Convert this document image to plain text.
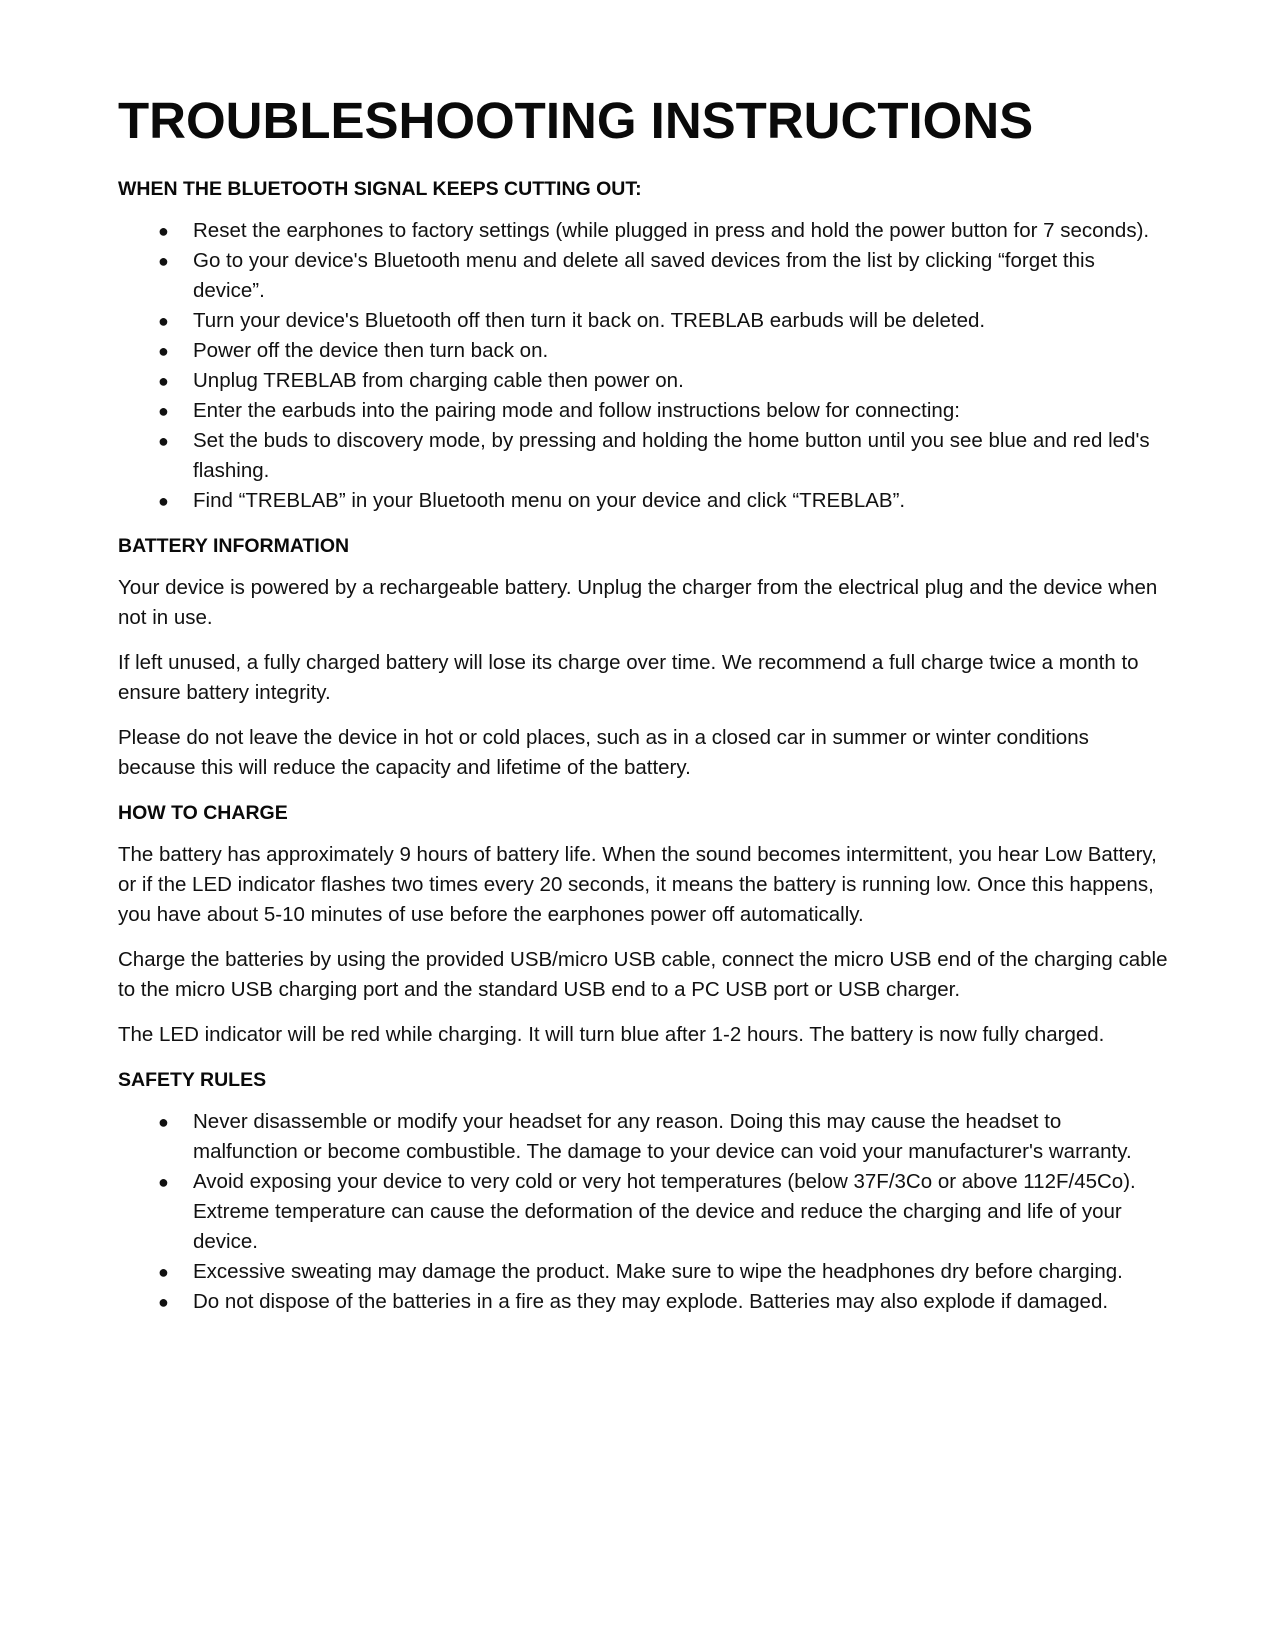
TROUBLESHOOTING INSTRUCTIONS
WHEN THE BLUETOOTH SIGNAL KEEPS CUTTING OUT:
● Reset the earphones to factory settings (while plugged in press and hold the power button for 7 seconds).
● Go to your device's Bluetooth menu and delete all saved devices from the list by clicking “forget this device”.
● Turn your device's Bluetooth off then turn it back on. TREBLAB earbuds will be deleted.
● Power off the device then turn back on.
● Unplug TREBLAB from charging cable then power on.
● Enter the earbuds into the pairing mode and follow instructions below for connecting:
● Set the buds to discovery mode, by pressing and holding the home button until you see blue and red led's flashing.
● Find “TREBLAB” in your Bluetooth menu on your device and click “TREBLAB”.
BATTERY INFORMATION

Your device is powered by a rechargeable battery. Unplug the charger from the electrical plug and the device when not in use.

If left unused, a fully charged battery will lose its charge over time. We recommend a full charge twice a month to ensure battery integrity.

Please do not leave the device in hot or cold places, such as in a closed car in summer or winter conditions because this will reduce the capacity and lifetime of the battery.

HOW TO CHARGE

The battery has approximately 9 hours of battery life. When the sound becomes intermittent, you hear Low Battery, or if the LED indicator flashes two times every 20 seconds, it means the battery is running low. Once this happens, you have about 5-10 minutes of use before the earphones power off automatically.

Charge the batteries by using the provided USB/micro USB cable, connect the micro USB end of the charging cable to the micro USB charging port and the standard USB end to a PC USB port or USB charger.

The LED indicator will be red while charging. It will turn blue after 1-2 hours. The battery is now fully charged.

SAFETY RULES
● Never disassemble or modify your headset for any reason. Doing this may cause the headset to malfunction or become combustible. The damage to your device can void your manufacturer's warranty.
● Avoid exposing your device to very cold or very hot temperatures (below 37F/3Co or above 112F/45Co). Extreme temperature can cause the deformation of the device and reduce the charging and life of your device.
● Excessive sweating may damage the product. Make sure to wipe the headphones dry before charging.
● Do not dispose of the batteries in a fire as they may explode. Batteries may also explode if damaged.
